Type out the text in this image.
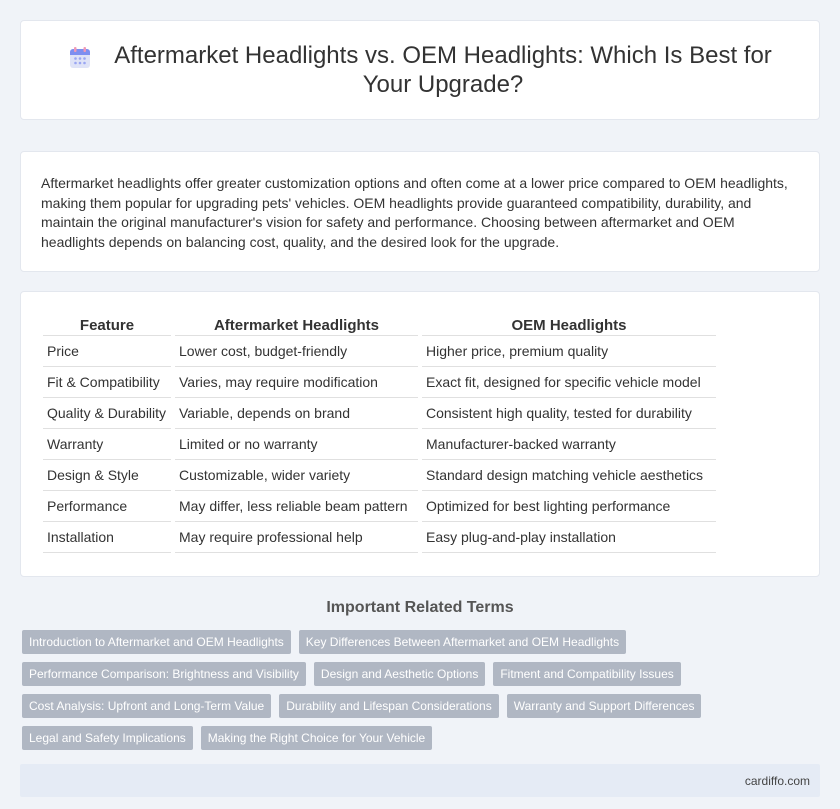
Aftermarket Headlights vs. OEM Headlights: Which Is Best for Your Upgrade?

Aftermarket headlights offer greater customization options and often come at a lower price compared to OEM headlights, making them popular for upgrading pets' vehicles. OEM headlights provide guaranteed compatibility, durability, and maintain the original manufacturer's vision for safety and performance. Choosing between aftermarket and OEM headlights depends on balancing cost, quality, and the desired look for the upgrade.

Feature	Aftermarket Headlights	OEM Headlights
Price	Lower cost, budget-friendly	Higher price, premium quality
Fit & Compatibility	Varies, may require modification	Exact fit, designed for specific vehicle model
Quality & Durability	Variable, depends on brand	Consistent high quality, tested for durability
Warranty	Limited or no warranty	Manufacturer-backed warranty
Design & Style	Customizable, wider variety	Standard design matching vehicle aesthetics
Performance	May differ, less reliable beam pattern	Optimized for best lighting performance
Installation	May require professional help	Easy plug-and-play installation
Important Related Terms
Introduction to Aftermarket and OEM Headlights	Key Differences Between Aftermarket and OEM Headlights
Performance Comparison: Brightness and Visibility	Design and Aesthetic Options	Fitment and Compatibility Issues
Cost Analysis: Upfront and Long-Term Value	Durability and Lifespan Considerations	Warranty and Support Differences
Legal and Safety Implications	Making the Right Choice for Your Vehicle
cardiffo.com
